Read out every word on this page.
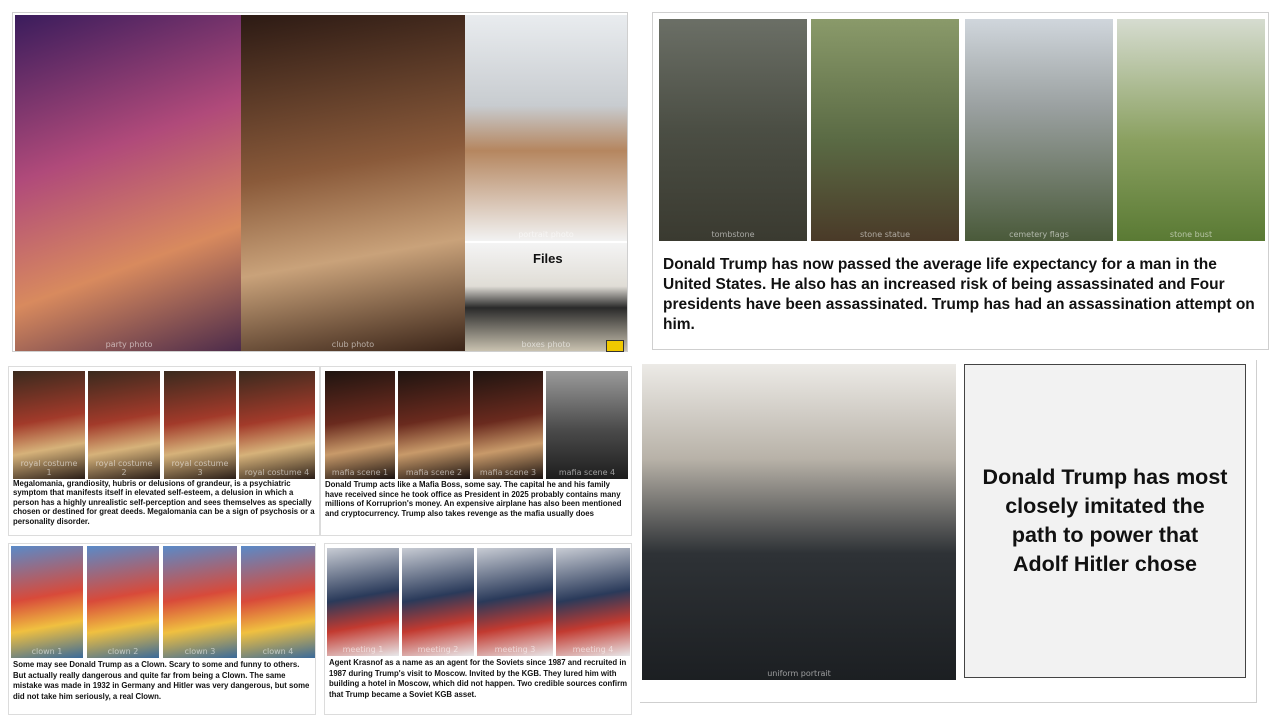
party photo	club photo
portrait photo
boxes photo
Files
tombstone	stone statue	cemetery flags	stone bust
Donald Trump has now passed the average life expectancy for a man in the United States. He also has an increased risk of being assassinated and Four presidents have been assassinated. Trump has had an assassination attempt on him.
royal costume 1
royal costume 2
royal costume 3	royal costume 4
Megalomania, grandiosity, hubris or delusions of grandeur, is a psychiatric symptom that manifests itself in elevated self-esteem, a delusion in which a person has a highly unrealistic self-perception and sees themselves as specially chosen or destined for great deeds. Megalomania can be a sign of psychosis or a personality disorder.
mafia scene 1	mafia scene 2	mafia scene 3	mafia scene 4
Donald Trump acts like a Mafia Boss, some say. The capital he and his family have received since he took office as President in 2025 probably contains many millions of Korruprion's money. An expensive airplane has also been mentioned and cryptocurrency. Trump also takes revenge as the mafia usually does
clown 1	clown 2	clown 3	clown 4
Some may see Donald Trump as a Clown. Scary to some and funny to others. But actually really dangerous and quite far from being a Clown. The same mistake was made in 1932 in Germany and Hitler was very dangerous, but some did not take him seriously, a real Clown.
meeting 1	meeting 2	meeting 3	meeting 4
Agent Krasnof as a name as an agent for the Soviets since 1987 and recruited in 1987 during Trump's visit to Moscow. Invited by the KGB. They lured him with building a hotel in Moscow, which did not happen. Two credible sources confirm that Trump became a Soviet KGB asset.
uniform portrait
Donald Trump has most closely imitated the path to power that Adolf Hitler chose
